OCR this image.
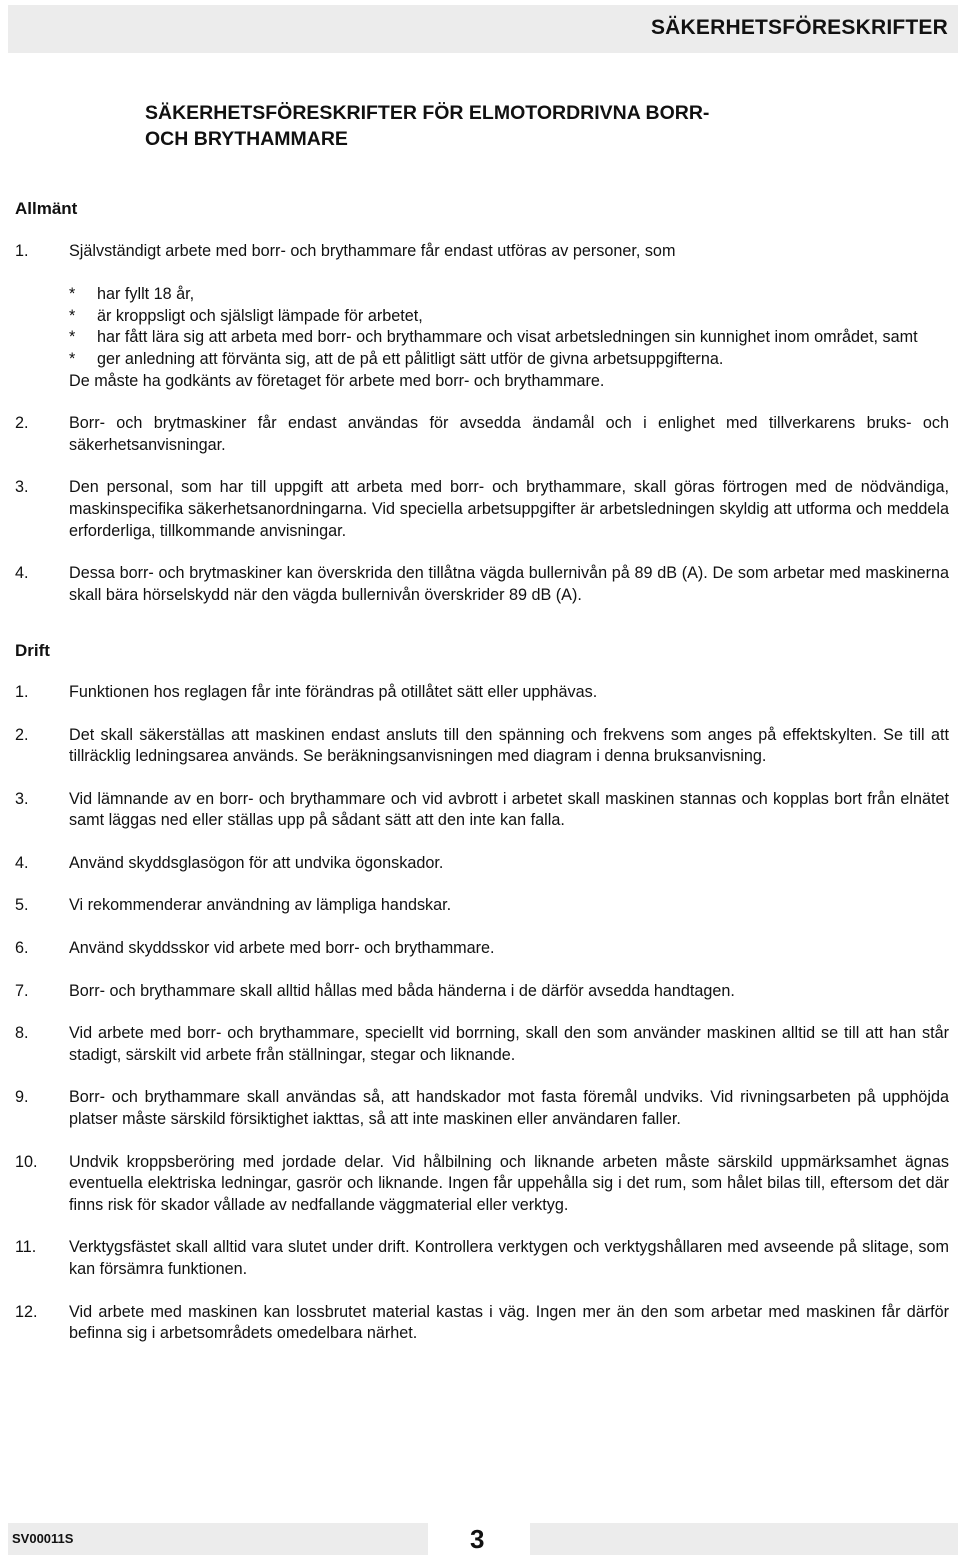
SÄKERHETSFÖRESKRIFTER
SÄKERHETSFÖRESKRIFTER FÖR ELMOTORDRIVNA BORR-
OCH BRYTHAMMARE
Allmänt
1.	Självständigt arbete med borr- och brythammare får endast utföras av personer, som
*	har fyllt 18 år,
*	är kroppsligt och själsligt lämpade för arbetet,
*	har fått lära sig att arbeta med borr- och brythammare och visat arbetsledningen sin kunnighet inom området, samt
*	ger anledning att förvänta sig, att de på ett pålitligt sätt utför de givna arbetsuppgifterna.
De måste ha godkänts av företaget för arbete med borr- och brythammare.
2.	Borr- och brytmaskiner får endast användas för avsedda ändamål och i enlighet med tillverkarens bruks- och säkerhetsanvisningar.
3.	Den personal, som har till uppgift att arbeta med borr- och brythammare, skall göras förtrogen med de nödvändiga, maskinspecifika säkerhetsanordningarna. Vid speciella arbetsuppgifter är arbetsledningen skyldig att utforma och meddela erforderliga, tillkommande anvisningar.
4.	Dessa borr- och brytmaskiner kan överskrida den tillåtna vägda bullernivån på 89 dB (A). De som arbetar med maskinerna skall bära hörselskydd när den vägda bullernivån överskrider 89 dB (A).
Drift
1.	Funktionen hos reglagen får inte förändras på otillåtet sätt eller upphävas.
2.	Det skall säkerställas att maskinen endast ansluts till den spänning och frekvens som anges på effektskylten. Se till att tillräcklig ledningsarea används. Se beräkningsanvisningen med diagram i denna bruksanvisning.
3.	Vid lämnande av en borr- och brythammare och vid avbrott i arbetet skall maskinen stannas och kopplas bort från elnätet samt läggas ned eller ställas upp på sådant sätt att den inte kan falla.
4.	Använd skyddsglasögon för att undvika ögonskador.
5.	Vi rekommenderar användning av lämpliga handskar.
6.	Använd skyddsskor vid arbete med borr- och brythammare.
7.	Borr- och brythammare skall alltid hållas med båda händerna i de därför avsedda handtagen.
8.	Vid arbete med borr- och brythammare, speciellt vid borrning, skall den som använder maskinen alltid se till att han står stadigt, särskilt vid arbete från ställningar, stegar och liknande.
9.	Borr- och brythammare skall användas så, att handskador mot fasta föremål undviks. Vid rivningsarbeten på upphöjda platser måste särskild försiktighet iakttas, så att inte maskinen eller användaren faller.
10.	Undvik kroppsberöring med jordade delar. Vid hålbilning och liknande arbeten måste särskild uppmärksamhet ägnas eventuella elektriska ledningar, gasrör och liknande. Ingen får uppehålla sig i det rum, som hålet bilas till, eftersom det där finns risk för skador vållade av nedfallande väggmaterial eller verktyg.
11.	Verktygsfästet skall alltid vara slutet under drift. Kontrollera verktygen och verktygshållaren med avseende på slitage, som kan försämra funktionen.
12.	Vid arbete med maskinen kan lossbrutet material kastas i väg. Ingen mer än den som arbetar med maskinen får därför befinna sig i arbetsområdets omedelbara närhet.
SV00011S	3
